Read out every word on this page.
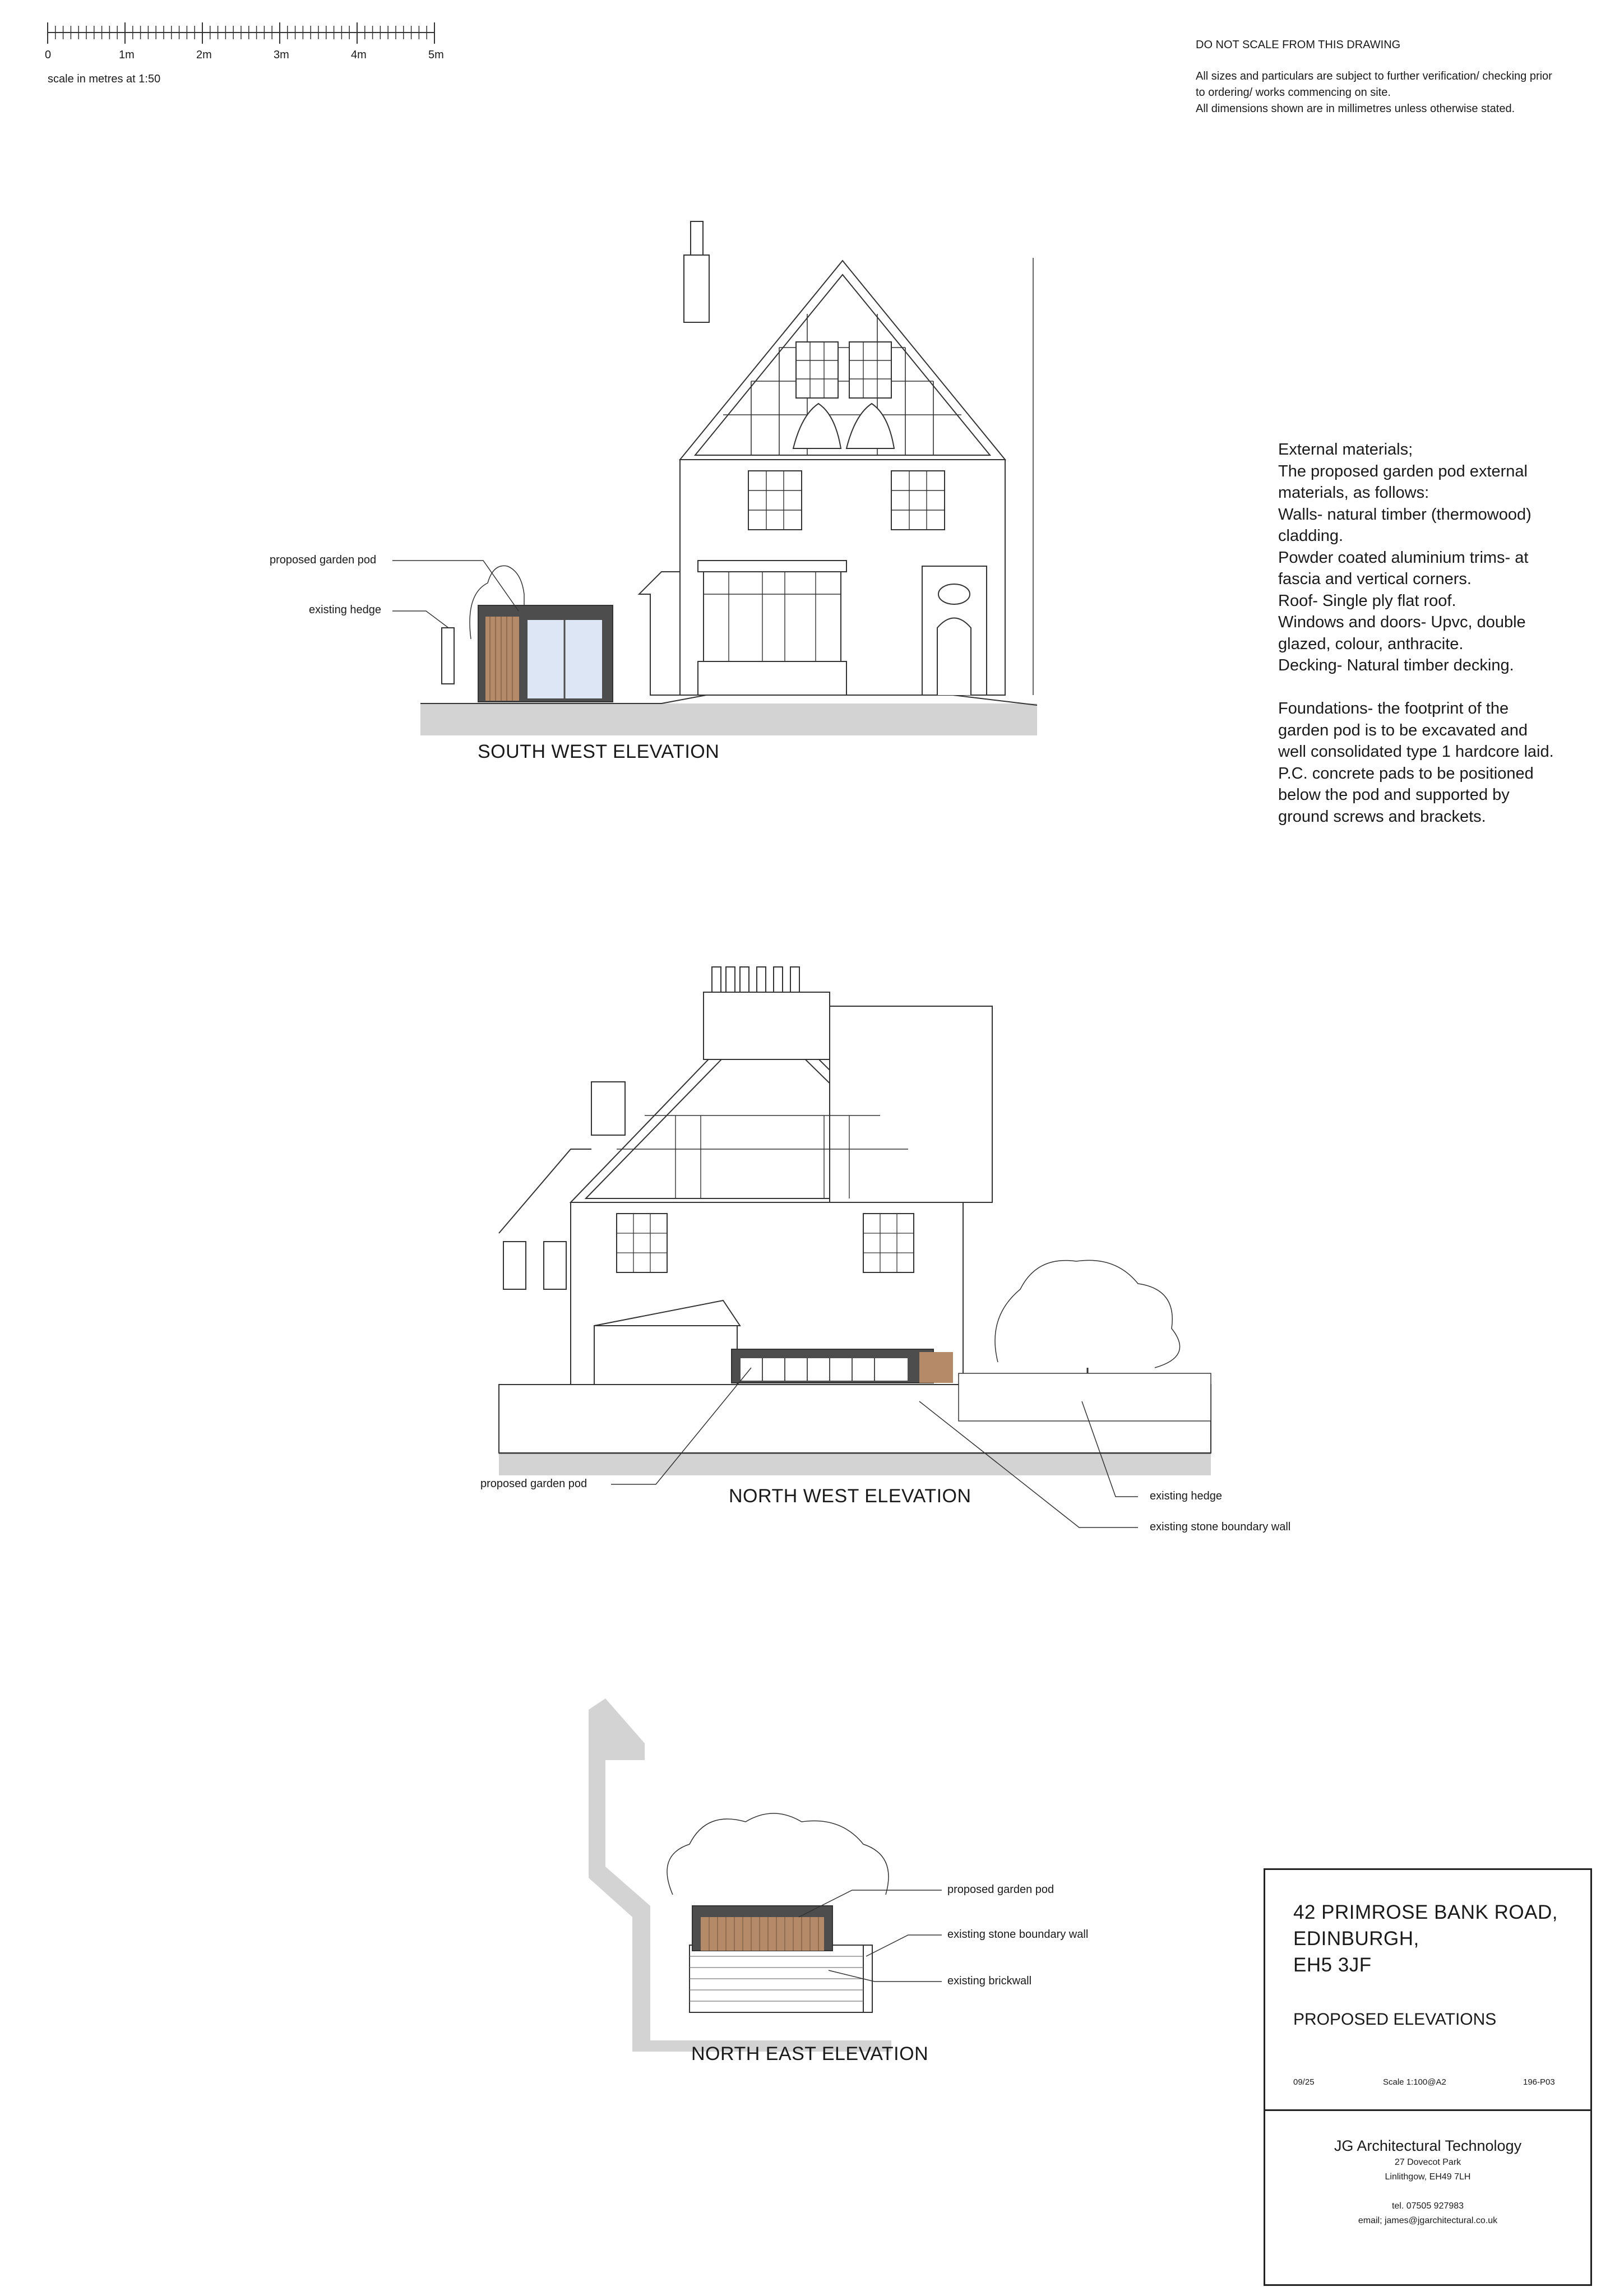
0	1m	2m	3m	4m	5m
scale in metres at 1:50
DO NOT SCALE FROM THIS DRAWING
All sizes and particulars are subject to further verification/ checking prior
to ordering/ works commencing on site.
All dimensions shown are in millimetres unless otherwise stated.
External materials;
The proposed garden pod external
materials, as follows:
Walls- natural timber (thermowood)
cladding.
Powder coated aluminium trims- at
fascia and vertical corners.
Roof- Single ply flat roof.
Windows and doors- Upvc, double
glazed, colour, anthracite.
Decking- Natural timber decking.
Foundations- the footprint of the
garden pod is to be excavated and
well consolidated type 1 hardcore laid.
P.C. concrete pads to be positioned
below the pod and supported by
ground screws and brackets.
proposed garden pod
existing hedge
SOUTH WEST ELEVATION
proposed garden pod
NORTH WEST ELEVATION	existing hedge
existing stone boundary wall
proposed garden pod
existing stone boundary wall
existing brickwall
NORTH EAST ELEVATION
42 PRIMROSE BANK ROAD,
EDINBURGH,
EH5 3JF
PROPOSED ELEVATIONS
09/25	Scale 1:100@A2	196-P03
JG Architectural Technology
27 Dovecot Park
Linlithgow, EH49 7LH
tel. 07505 927983
email; james@jgarchitectural.co.uk
